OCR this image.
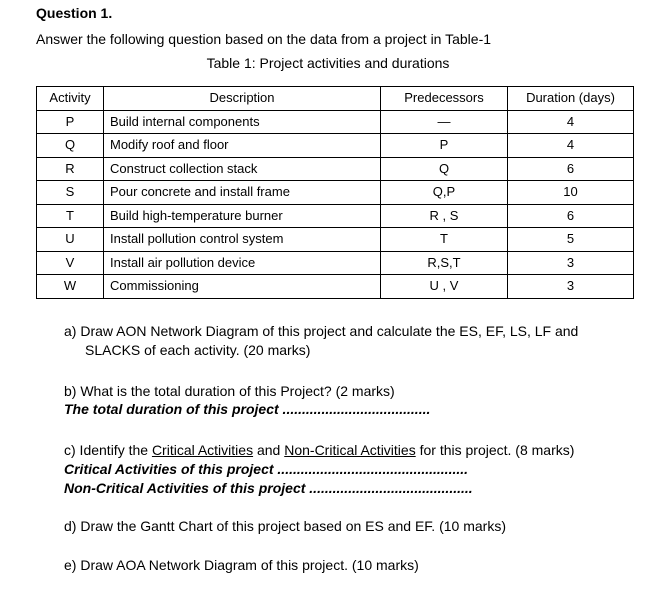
Question 1.
Answer the following question based on the data from a project in Table-1
Table 1: Project activities and durations
Activity	Description	Predecessors	Duration (days)
P	Build internal components	—	4
Q	Modify roof and floor	P	4
R	Construct collection stack	Q	6
S	Pour concrete and install frame	Q,P	10
T	Build high-temperature burner	R , S	6
U	Install pollution control system	T	5
V	Install air pollution device	R,S,T	3
W	Commissioning	U , V	3
a) Draw AON Network Diagram of this project and calculate the ES, EF, LS, LF and
SLACKS of each activity. (20 marks)
b) What is the total duration of this Project? (2 marks)
The total duration of this project ......................................
c) Identify the Critical Activities and Non-Critical Activities for this project. (8 marks)
Critical Activities of this project .................................................
Non-Critical Activities of this project ..........................................
d) Draw the Gantt Chart of this project based on ES and EF. (10 marks)
e) Draw AOA Network Diagram of this project. (10 marks)
